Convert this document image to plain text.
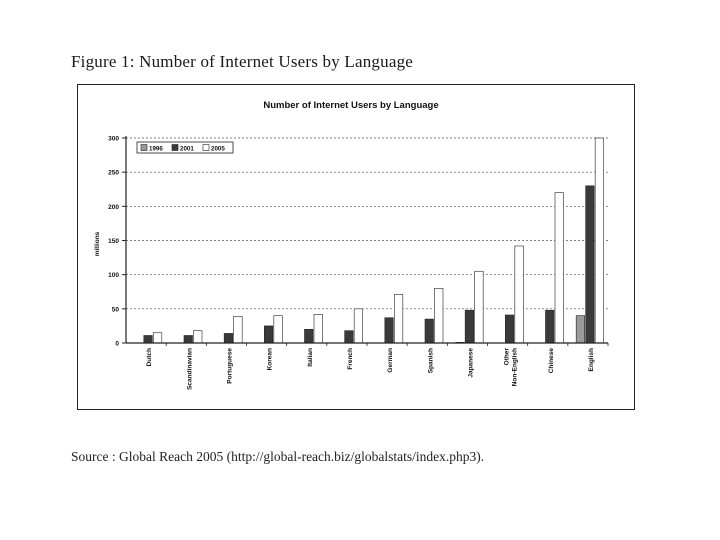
Figure 1: Number of Internet Users by Language
Number of Internet Users by Language
millions
0
50
100
150
200
250
300
Dutch	Scandinavian	Portuguese	Korean	Italian	French	German	Spanish	Japanese	OtherNon-English	Chinese	English
1996	2001	2005
Source : Global Reach 2005 (http://global-reach.biz/globalstats/index.php3).
